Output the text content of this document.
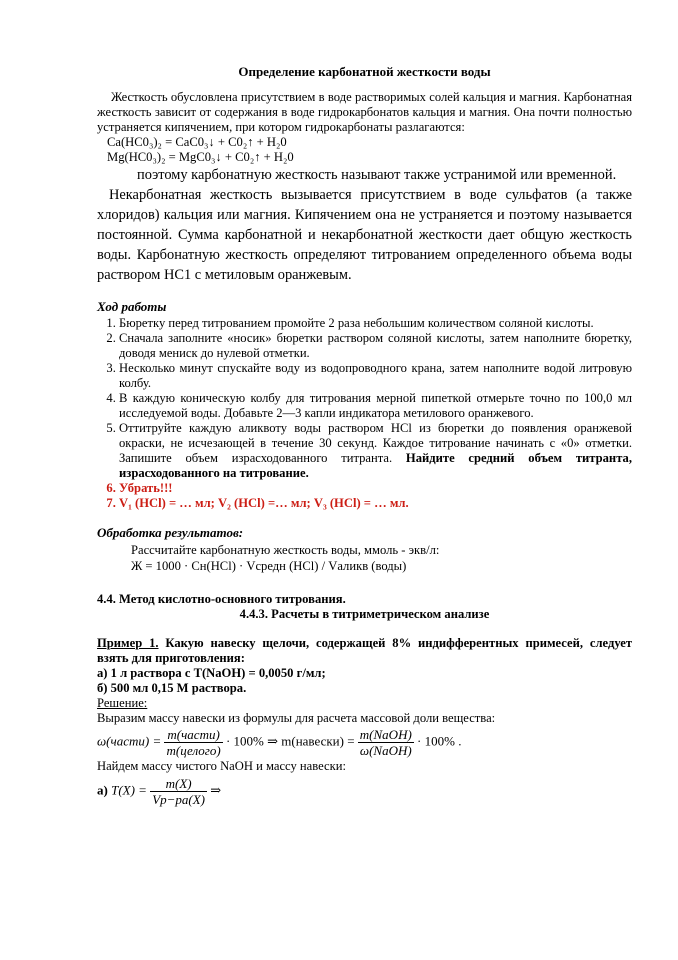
Определение карбонатной жесткости воды

Жесткость обусловлена присутствием в воде растворимых солей кальция и магния. Карбонатная жесткость зависит от содержания в воде гидрокарбонатов кальция и магния. Она почти полностью устраняется кипячением, при котором гидрокарбонаты разлагаются:

Ca(HC0₃)₂ = CaC0₃↓ + C0₂↑ + H₂0

Mg(HC0₃)₂ = MgC0₃↓ + C0₂↑ + H₂0

поэтому карбонатную жесткость называют также устранимой или временной.

Некарбонатная жесткость вызывается присутствием в воде сульфатов (а также хлоридов) кальция или магния. Кипячением она не устраняется и поэтому называется постоянной. Сумма карбонатной и некарбонатной жесткости дает общую жесткость воды. Карбонатную жесткость определяют титрованием определенного объема воды раствором HC1 с метиловым оранжевым.

Ход работы

1. Бюретку перед титрованием промойте 2 раза небольшим количеством соляной кислоты.
2. Сначала заполните «носик» бюретки раствором соляной кислоты, затем наполните бюретку, доводя мениск до нулевой отметки.
3. Несколько минут спускайте воду из водопроводного крана, затем наполните водой литровую колбу.
4. В каждую коническую колбу для титрования мерной пипеткой отмерьте точно по 100,0 мл исследуемой воды. Добавьте 2—3 капли индикатора метилового оранжевого.
5. Оттитруйте каждую аликвоту воды раствором HCl из бюретки до появления оранжевой окраски, не исчезающей в течение 30 секунд. Каждое титрование начинать с «0» отметки. Запишите объем израсходованного титранта. Найдите средний объем титранта, израсходованного на титрование.
6. Убрать!!!
7. V₁ (HCl) = … мл; V₂ (HCl) =… мл; V₃ (HCl) = … мл.

Обработка результатов:

Рассчитайте карбонатную жесткость воды, ммоль - экв/л:

Ж = 1000 · Cн(HCl) · Vсредн (HCl) / Vаликв (воды)

4.4. Метод кислотно-основного титрования.

4.4.3. Расчеты в титриметрическом анализе

Пример 1. Какую навеску щелочи, содержащей 8% индифферентных примесей, следует взять для приготовления:

а) 1 л раствора с T(NaOH) = 0,0050 г/мл;

б) 500 мл 0,15 М раствора.

Решение:

Выразим массу навески из формулы для расчета массовой доли вещества:

ω(части) = $\frac{\text{m(части)}}{\text{m(целого)}} \cdot 100\%$ ⇒ m(навески) = $\frac{\text{m(NaOH)}}{\text{ω(NaOH)}} \cdot 100\%$ .

Найдем массу чистого NaOH и массу навески:

а) $T(X) = \frac{m(X)}{Vр-ра(X)}$ ⇒
